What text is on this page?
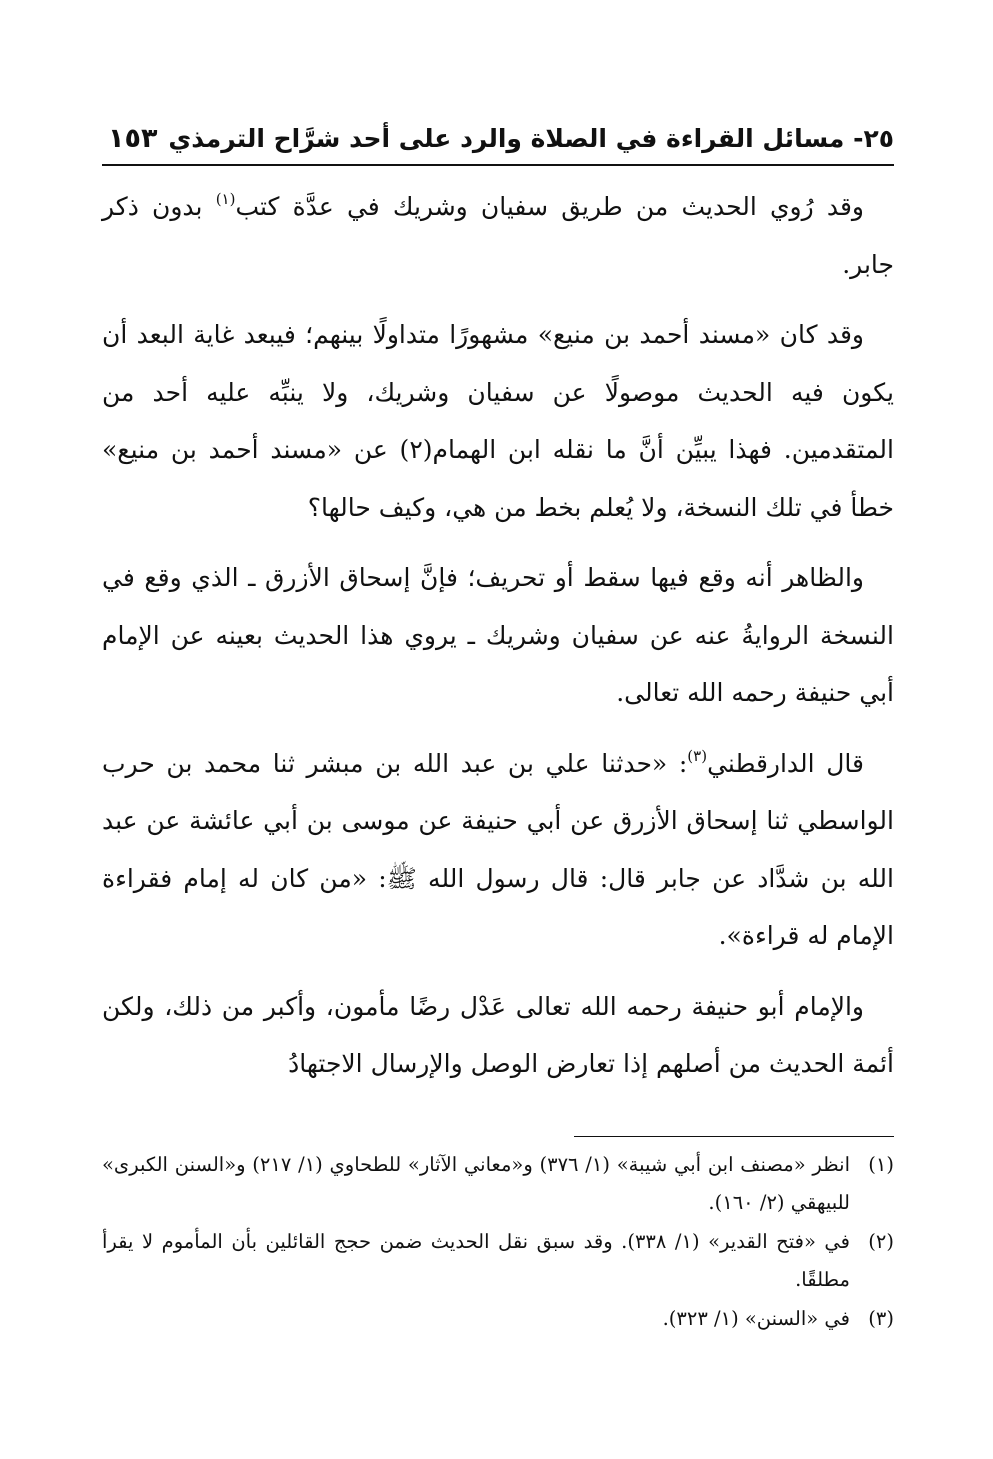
٢٥- مسائل القراءة في الصلاة والرد على أحد شرَّاح الترمذي
١٥٣

وقد رُوي الحديث من طريق سفيان وشريك في عدَّة كتب$^{(١)}$ بدون ذكر جابر.

وقد كان «مسند أحمد بن منيع» مشهورًا متداولًا بينهم؛ فيبعد غاية البعد أن يكون فيه الحديث موصولًا عن سفيان وشريك، ولا ينبِّه عليه أحد من المتقدمين. فهذا يبيِّن أنَّ ما نقله ابن الهمام(٢) عن «مسند أحمد بن منيع» خطأ في تلك النسخة، ولا يُعلم بخط من هي، وكيف حالها؟

والظاهر أنه وقع فيها سقط أو تحريف؛ فإنَّ إسحاق الأزرق ـ الذي وقع في النسخة الروايةُ عنه عن سفيان وشريك ـ يروي هذا الحديث بعينه عن الإمام أبي حنيفة رحمه الله تعالى.

قال الدارقطني$^{(٣)}$: «حدثنا علي بن عبد الله بن مبشر ثنا محمد بن حرب الواسطي ثنا إسحاق الأزرق عن أبي حنيفة عن موسى بن أبي عائشة عن عبد الله بن شدَّاد عن جابر قال: قال رسول الله ﷺ: «من كان له إمام فقراءة الإمام له قراءة».

والإمام أبو حنيفة رحمه الله تعالى عَدْل رضًا مأمون، وأكبر من ذلك، ولكن أئمة الحديث من أصلهم إذا تعارض الوصل والإرسال الاجتهادُ

(١)
انظر «مصنف ابن أبي شيبة» (١/ ٣٧٦) و«معاني الآثار» للطحاوي (١/ ٢١٧) و«السنن الكبرى» للبيهقي (٢/ ١٦٠).
(٢)
في «فتح القدير» (١/ ٣٣٨). وقد سبق نقل الحديث ضمن حجج القائلين بأن المأموم لا يقرأ مطلقًا.
(٣)
في «السنن» (١/ ٣٢٣).
